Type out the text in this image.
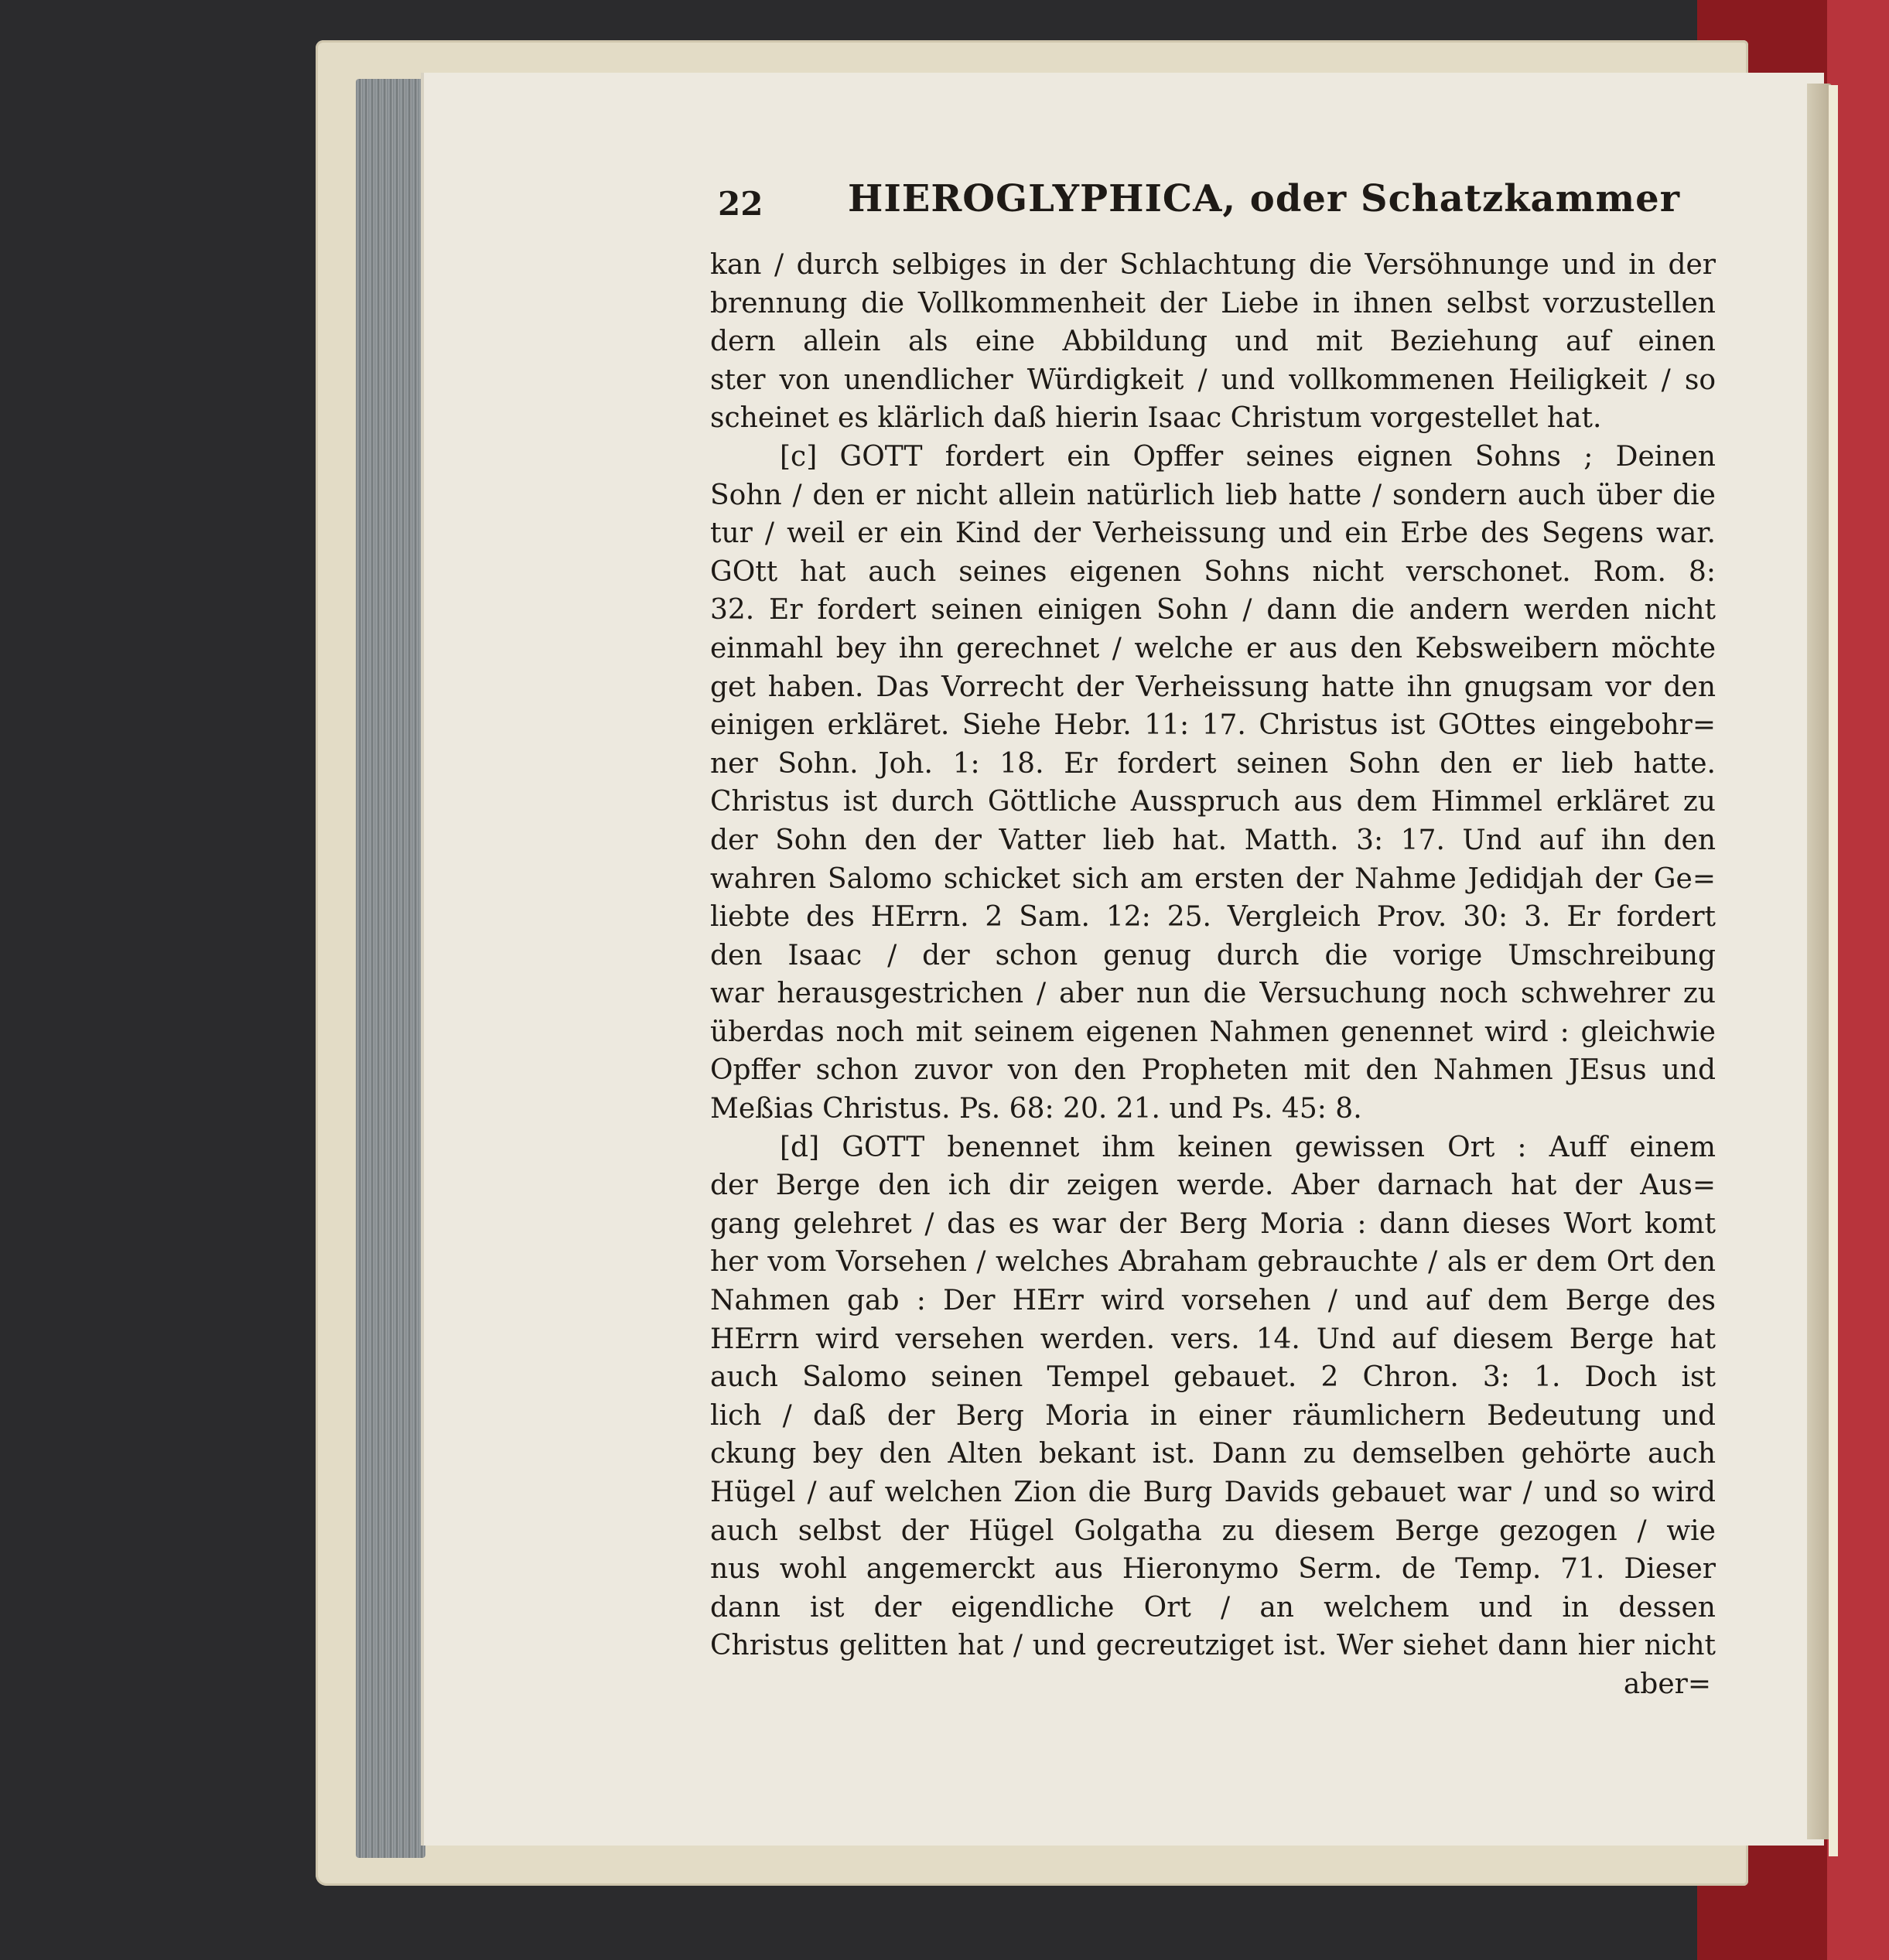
22 HIEROGLYPHICA, oder Schatzkammer
kan / durch selbiges in der Schlachtung die Versöhnunge und in der
brennung die Vollkommenheit der Liebe in ihnen selbst vorzustellen
dern allein als eine Abbildung und mit Beziehung auf einen
ster von unendlicher Würdigkeit / und vollkommenen Heiligkeit / so
scheinet es klärlich daß hierin Isaac Christum vorgestellet hat.
[c] GOTT fordert ein Opffer seines eignen Sohns ; Deinen
Sohn / den er nicht allein natürlich lieb hatte / sondern auch über die
tur / weil er ein Kind der Verheissung und ein Erbe des Segens war.
GOtt hat auch seines eigenen Sohns nicht verschonet. Rom. 8:
32. Er fordert seinen einigen Sohn / dann die andern werden nicht
einmahl bey ihn gerechnet / welche er aus den Kebsweibern möchte
get haben. Das Vorrecht der Verheissung hatte ihn gnugsam vor den
einigen erkläret. Siehe Hebr. 11: 17. Christus ist GOttes eingebohr=
ner Sohn. Joh. 1: 18. Er fordert seinen Sohn den er lieb hatte.
Christus ist durch Göttliche Ausspruch aus dem Himmel erkläret zu
der Sohn den der Vatter lieb hat. Matth. 3: 17. Und auf ihn den
wahren Salomo schicket sich am ersten der Nahme Jedidjah der Ge=
liebte des HErrn. 2 Sam. 12: 25. Vergleich Prov. 30: 3. Er fordert
den Isaac / der schon genug durch die vorige Umschreibung
war herausgestrichen / aber nun die Versuchung noch schwehrer zu
überdas noch mit seinem eigenen Nahmen genennet wird : gleichwie
Opffer schon zuvor von den Propheten mit den Nahmen JEsus und
Meßias Christus. Ps. 68: 20. 21. und Ps. 45: 8.
[d] GOTT benennet ihm keinen gewissen Ort : Auff einem
der Berge den ich dir zeigen werde. Aber darnach hat der Aus=
gang gelehret / das es war der Berg Moria : dann dieses Wort komt
her vom Vorsehen / welches Abraham gebrauchte / als er dem Ort den
Nahmen gab : Der HErr wird vorsehen / und auf dem Berge des
HErrn wird versehen werden. vers. 14. Und auf diesem Berge hat
auch Salomo seinen Tempel gebauet. 2 Chron. 3: 1. Doch ist
lich / daß der Berg Moria in einer räumlichern Bedeutung und
ckung bey den Alten bekant ist. Dann zu demselben gehörte auch
Hügel / auf welchen Zion die Burg Davids gebauet war / und so wird
auch selbst der Hügel Golgatha zu diesem Berge gezogen / wie
nus wohl angemerckt aus Hieronymo Serm. de Temp. 71. Dieser
dann ist der eigendliche Ort / an welchem und in dessen
Christus gelitten hat / und gecreutziget ist. Wer siehet dann hier nicht
aber=
